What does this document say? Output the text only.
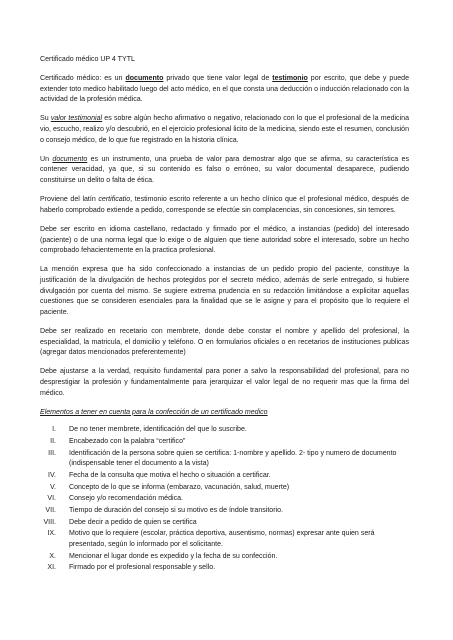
Certificado médico UP 4 TYTL

Certificado médico: es un documento privado que tiene valor legal de testimonio por escrito, que debe y puede extender toto medico habilitado luego del acto médico, en el que consta una deducción o inducción relacionado con la actividad de la profesión médica.

Su valor testimonial es sobre algún hecho afirmativo o negativo, relacionado con lo que el profesional de la medicina vio, escucho, realizo y/o descubrió, en el ejercicio profesional licito de la medicina, siendo este el resumen, conclusión o consejo médico, de lo que fue registrado en la historia clínica.

Un documento es un instrumento, una prueba de valor para demostrar algo que se afirma, su característica es contener veracidad, ya que, si su contenido es falso o erróneo, su valor documental desaparece, pudiendo constituirse un delito o falta de ética.

Proviene del latín certificatio, testimonio escrito referente a un hecho clínico que el profesional médico, después de haberlo comprobado extiende a pedido, corresponde se efectúe sin complacencias, sin concesiones, sin temores.

Debe ser escrito en idioma castellano, redactado y firmado por el médico, a instancias (pedido) del interesado (paciente) o de una norma legal que lo exige o de alguien que tiene autoridad sobre el interesado, sobre un hecho comprobado fehacientemente en la practica profesional.

La mención expresa que ha sido confeccionado a instancias de un pedido propio del paciente, constituye la justificación de la divulgación de hechos protegidos por el secreto médico, además de serle entregado, si hubiere divulgación por cuenta del mismo. Se sugiere extrema prudencia en su redacción limitándose a explicitar aquellas cuestiones que se consideren esenciales para la finalidad que se le asigne y para el propósito que lo requiere el paciente.

Debe ser realizado en recetario con membrete, donde debe constar el nombre y apellido del profesional, la especialidad, la matricula, el domicilio y teléfono. O en formularios oficiales o en recetarios de instituciones publicas (agregar datos mencionados preferentemente)

Debe ajustarse a la verdad, requisito fundamental para poner a salvo la responsabilidad del profesional, para no desprestigiar la profesión y fundamentalmente para jerarquizar el valor legal de no requerir mas que la firma del médico.

Elementos a tener en cuenta para la confección de un certificado medico
I. De no tener membrete, identificación del que lo suscribe.
II. Encabezado con la palabra “certifico”
III. Identificación de la persona sobre quien se certifica: 1-nombre y apellido. 2- tipo y numero de documento (indispensable tener el documento a la vista)
IV. Fecha de la consulta que motiva el hecho o situación a certificar.
V. Concepto de lo que se informa (embarazo, vacunación, salud, muerte)
VI. Consejo y/o recomendación médica.
VII. Tiempo de duración del consejo si su motivo es de índole transitorio.
VIII. Debe decir a pedido de quien se certifica
IX. Motivo que lo requiere (escolar, práctica deportiva, ausentismo, normas) expresar ante quien será presentado, según lo informado por el solicitante.
X. Mencionar el lugar donde es expedido y la fecha de su confección.
XI. Firmado por el profesional responsable y sello.
